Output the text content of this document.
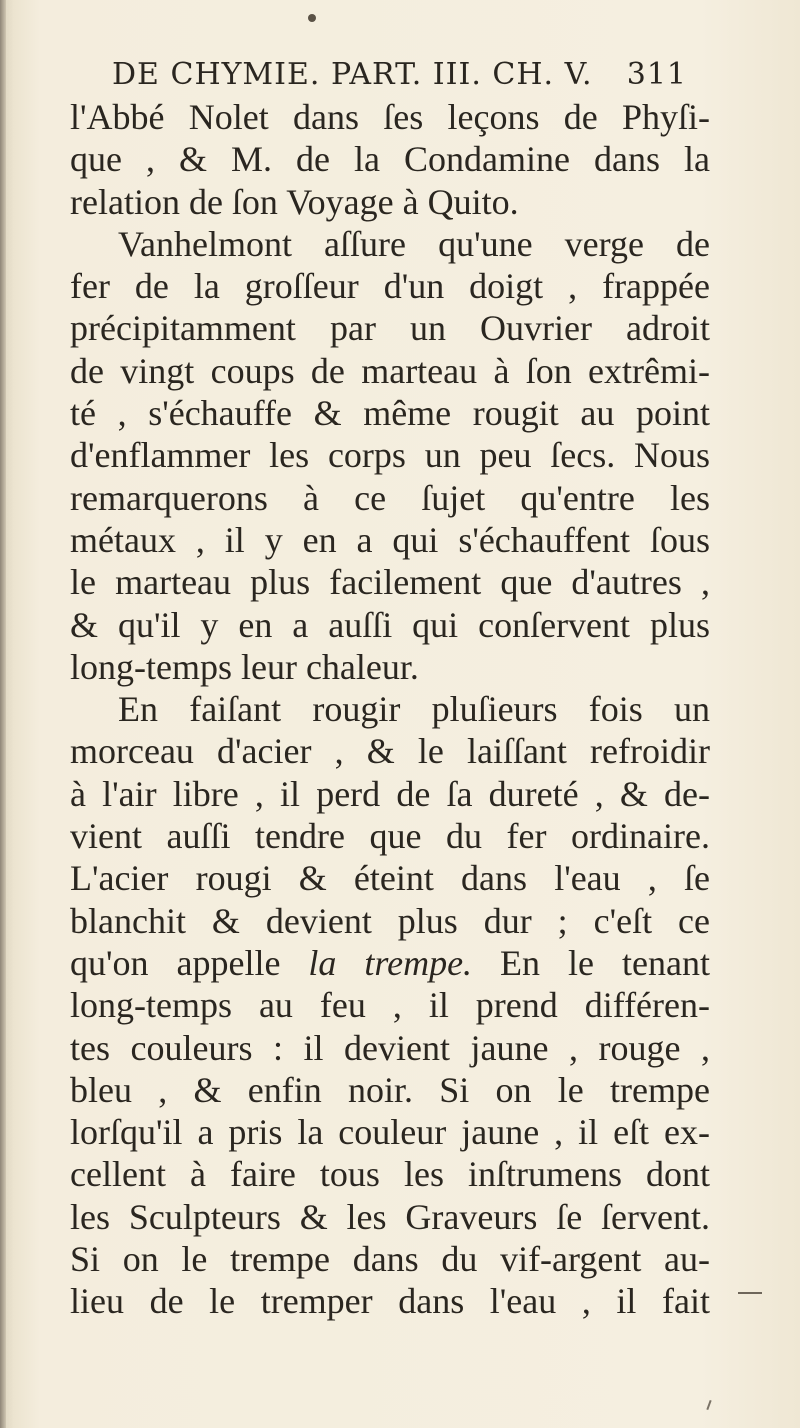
DE CHYMIE. PART. III. CH. V. 311
l'Abbé Nolet dans ſes leçons de Phyſi-
que , & M. de la Condamine dans la
relation de ſon Voyage à Quito.
Vanhelmont aſſure qu'une verge de
fer de la groſſeur d'un doigt , frappée
précipitamment par un Ouvrier adroit
de vingt coups de marteau à ſon extrêmi-
té , s'échauffe & même rougit au point
d'enflammer les corps un peu ſecs. Nous
remarquerons à ce ſujet qu'entre les
métaux , il y en a qui s'échauffent ſous
le marteau plus facilement que d'autres ,
& qu'il y en a auſſi qui conſervent plus
long-temps leur chaleur.
En faiſant rougir pluſieurs fois un
morceau d'acier , & le laiſſant refroidir
à l'air libre , il perd de ſa dureté , & de-
vient auſſi tendre que du fer ordinaire.
L'acier rougi & éteint dans l'eau , ſe
blanchit & devient plus dur ; c'eſt ce
qu'on appelle la trempe. En le tenant
long-temps au feu , il prend différen-
tes couleurs : il devient jaune , rouge ,
bleu , & enfin noir. Si on le trempe
lorſqu'il a pris la couleur jaune , il eſt ex-
cellent à faire tous les inſtrumens dont
les Sculpteurs & les Graveurs ſe ſervent.
Si on le trempe dans du vif-argent au-
lieu de le tremper dans l'eau , il fait
